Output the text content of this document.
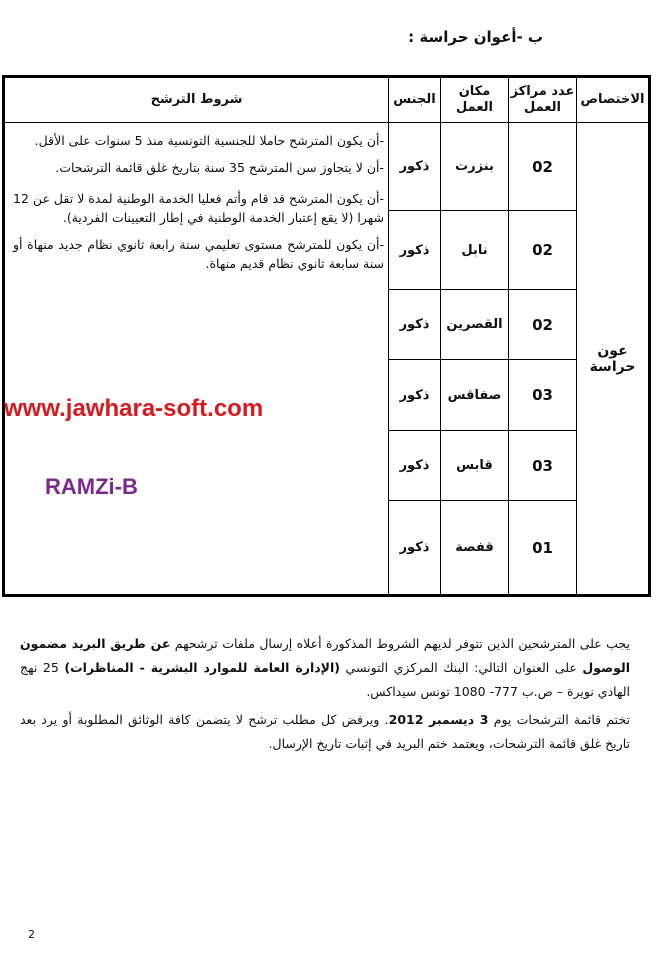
ب -أعوان حراسة :
الاختصاص	عدد مراكز العمل	مكان العمل	الجنس	شروط الترشح
عون حراسة	02	بنزرت	ذكور	-أن يكون المترشح حاملا للجنسية التونسية منذ 5 سنوات على الأقل.
-أن لا يتجاوز سن المترشح 35 سنة بتاريخ غلق قائمة الترشحات.
-أن يكون المترشح قد قام وأتم فعليا الخدمة الوطنية لمدة لا تقل عن 12 شهرا (لا يقع إعتبار الخدمة الوطنية في إطار التعيينات الفردية).
-أن يكون للمترشح مستوى تعليمي سنة رابعة ثانوي نظام جديد منهاة أو سنة سابعة ثانوي نظام قديم منهاة.

	02	نابل	ذكور	
	02	القصرين	ذكور	
	03	صفاقس	ذكور	
	03	قابس	ذكور	
	01	قفصة	ذكور	
www.jawhara-soft.com
RAMZi-B

يجب على المترشحين الذين تتوفر لديهم الشروط المذكورة أعلاه إرسال ملفات ترشحهم عن طريق البريد مضمون الوصول على العنوان التالي: البنك المركزي التونسي (الإدارة العامة للموارد البشرية - المناظرات) 25 نهج الهادي نويرة – ص.ب 777- 1080 تونس سيداكس.

تختم قائمة الترشحات يوم 3 ديسمبر 2012. ويرفض كل مطلب ترشح لا يتضمن كافة الوثائق المطلوبة أو يرد بعد تاريخ غلق قائمة الترشحات، ويعتمد ختم البريد في إثبات تاريخ الإرسال.

2
